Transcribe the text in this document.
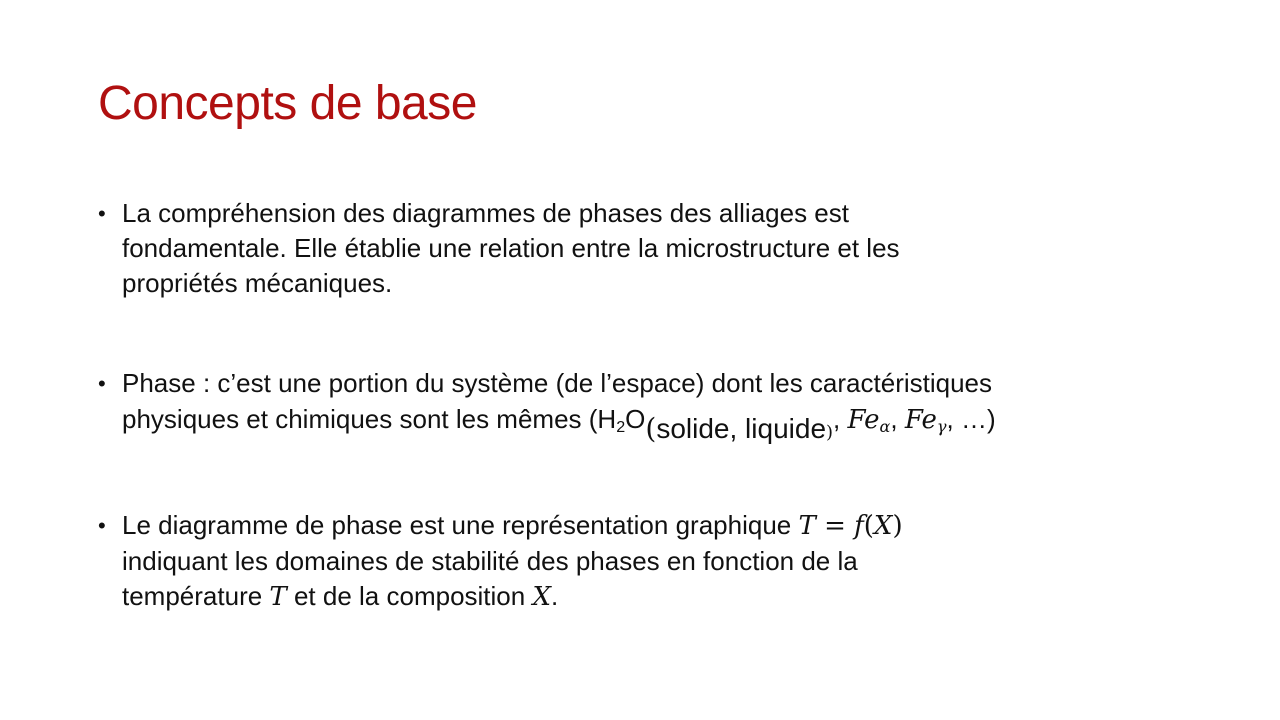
Concepts de base
• La compréhension des diagrammes de phases des alliages est
fondamentale. Elle établie une relation entre la microstructure et les
propriétés mécaniques.
• Phase : c’est une portion du système (de l’espace) dont les caractéristiques
physiques et chimiques sont les mêmes ($H_2O(solide$, liquide), $Fe_\alpha$, $Fe_\gamma$, …)
• Le diagramme de phase est une représentation graphique T = f(X)
indiquant les domaines de stabilité des phases en fonction de la
température T et de la composition X.
